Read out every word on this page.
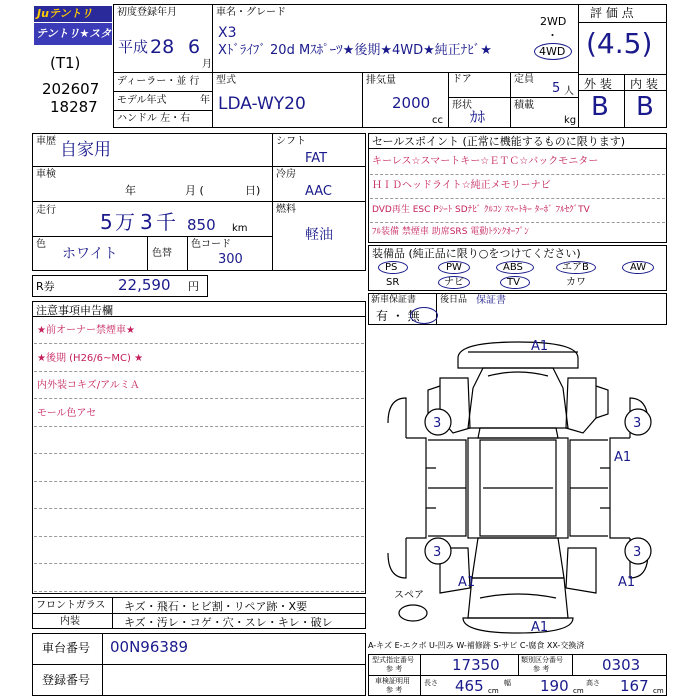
Juテントリ
テントリ★スター (T1)
202607
18287
初度登録年月
平成 28 6
月
車名・グレード
X3
Xﾄﾞﾗｲﾌﾞ 20d Mｽﾎﾟｰﾂ★後期★4WD★純正ﾅﾋﾞ★
2WD
・
4WD
評 価 点
(4.5)
ディーラー・並 行
モデル年式	年
ハンドル 左・右
型式
LDA-WY20
排気量
2000
cc
ドア
形状
ｶﾎ
定員
5 人
積載
kg
外 装 内 装
B B
車歴 自家用
車検
年	月 (	日)
走行 5 万 3 千 850 km
色
ホワイト	色替
色コード
300
シフト
FAT
冷房
AAC
燃料
軽油
R券	22,590 円
セールスポイント (正常に機能するものに限ります)
キーレス☆スマートキー☆ＥＴＣ☆バックモニター
ＨＩＤヘッドライト☆純正メモリーナビ
DVD再生 ESC Pｼｰﾄ SDﾅﾋﾞ ｸﾙｺﾝ ｽﾏｰﾄｷｰ ﾀｰﾎﾞ ﾌﾙｾｸﾞTV
ﾌﾙ装備 禁煙車 助席SRS 電動ﾄﾗﾝｸｵｰﾌﾟﾝ
装備品 (純正品に限り○をつけてください)
PS	PW	ABS	エアB	AW
SR	ナビ	TV	カワ
新車保証書
有 ・ 無
後日品 保証書
注意事項申告欄
★前オーナー禁煙車★
★後期 (H26/6~MC) ★
内外装コキズ/アルミＡ
モール色アセ
A1
3	3
A1
3	3
A1	A1
A1
スペア
フロントガラス キズ・飛石・ヒビ割・リペア跡・X要
内装	キズ・汚レ・コゲ・穴・スレ・キレ・破レ
車台番号 00N96389
登録番号
A-キズ E-エクボ U-凹み W-補修跡 S-サビ C-腐食 XX-交換済
型式指定番号
参 考	17350	類別区分番号
参 考	0303
車検証明用
参 考
長さ 465 cm
幅 190 cm
高さ 167 cm
